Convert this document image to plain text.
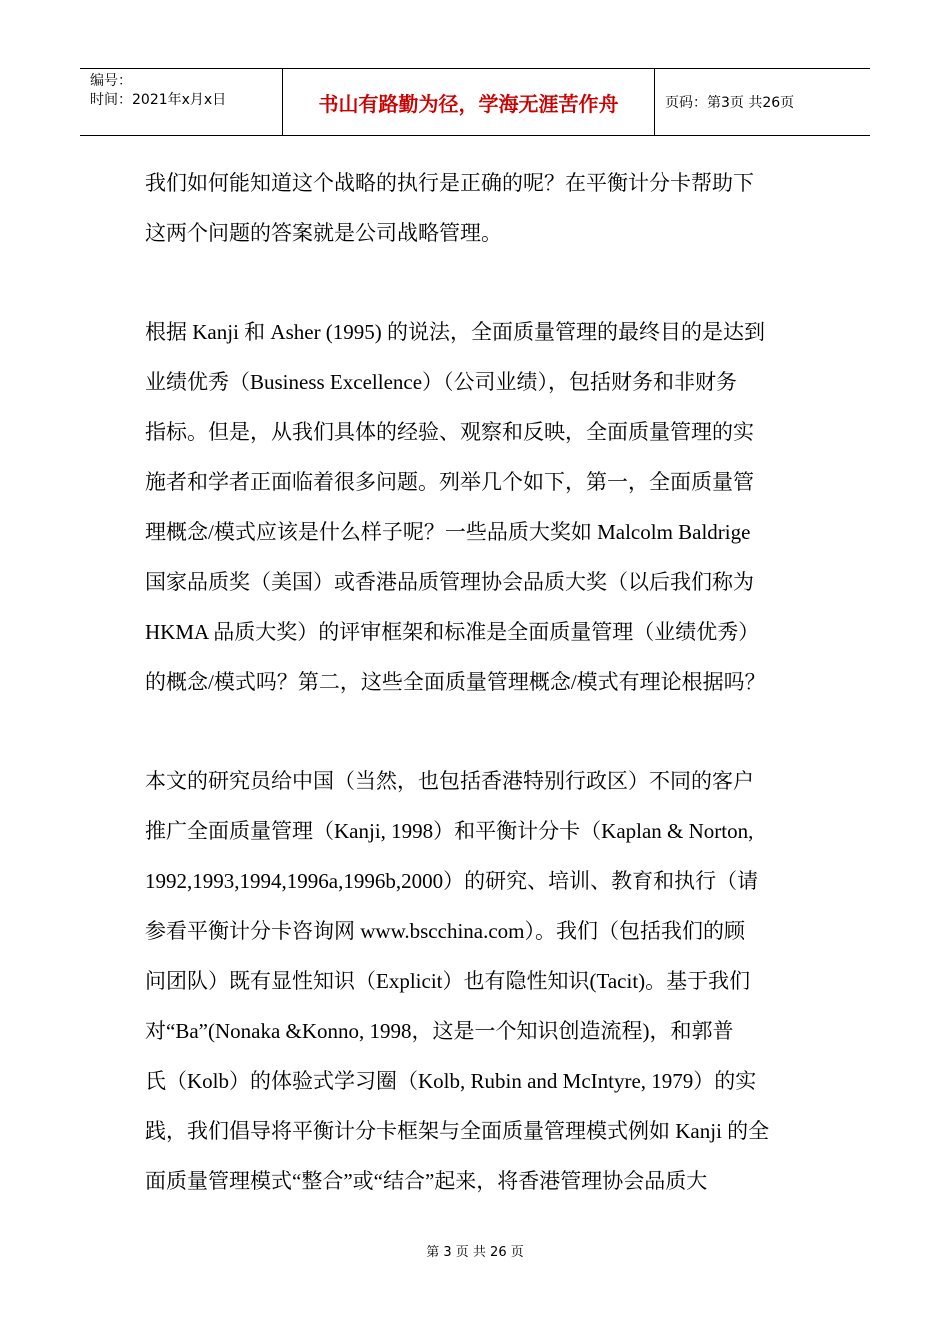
编号：
时间：2021年x月x日	书山有路勤为径，学海无涯苦作舟	页码：第3页 共26页
我们如何能知道这个战略的执行是正确的呢？在平衡计分卡帮助下
这两个问题的答案就是公司战略管理。
根据 Kanji 和 Asher (1995) 的说法，全面质量管理的最终目的是达到
业绩优秀（Business Excellence）（公司业绩），包括财务和非财务
指标。但是，从我们具体的经验、观察和反映，全面质量管理的实
施者和学者正面临着很多问题。列举几个如下，第一，全面质量管
理概念/模式应该是什么样子呢？一些品质大奖如 Malcolm Baldrige
国家品质奖（美国）或香港品质管理协会品质大奖（以后我们称为
HKMA 品质大奖）的评审框架和标准是全面质量管理（业绩优秀）
的概念/模式吗？第二，这些全面质量管理概念/模式有理论根据吗？
本文的研究员给中国（当然，也包括香港特别行政区）不同的客户
推广全面质量管理（Kanji, 1998）和平衡计分卡（Kaplan & Norton,
1992,1993,1994,1996a,1996b,2000）的研究、培训、教育和执行（请
参看平衡计分卡咨询网 www.bscchina.com）。我们（包括我们的顾
问团队）既有显性知识（Explicit）也有隐性知识(Tacit)。基于我们
对“Ba”(Nonaka &Konno, 1998，这是一个知识创造流程)，和郭普
氏（Kolb）的体验式学习圈（Kolb, Rubin and McIntyre, 1979）的实
践，我们倡导将平衡计分卡框架与全面质量管理模式例如 Kanji 的全
面质量管理模式“整合”或“结合”起来，将香港管理协会品质大
第 3 页 共 26 页
